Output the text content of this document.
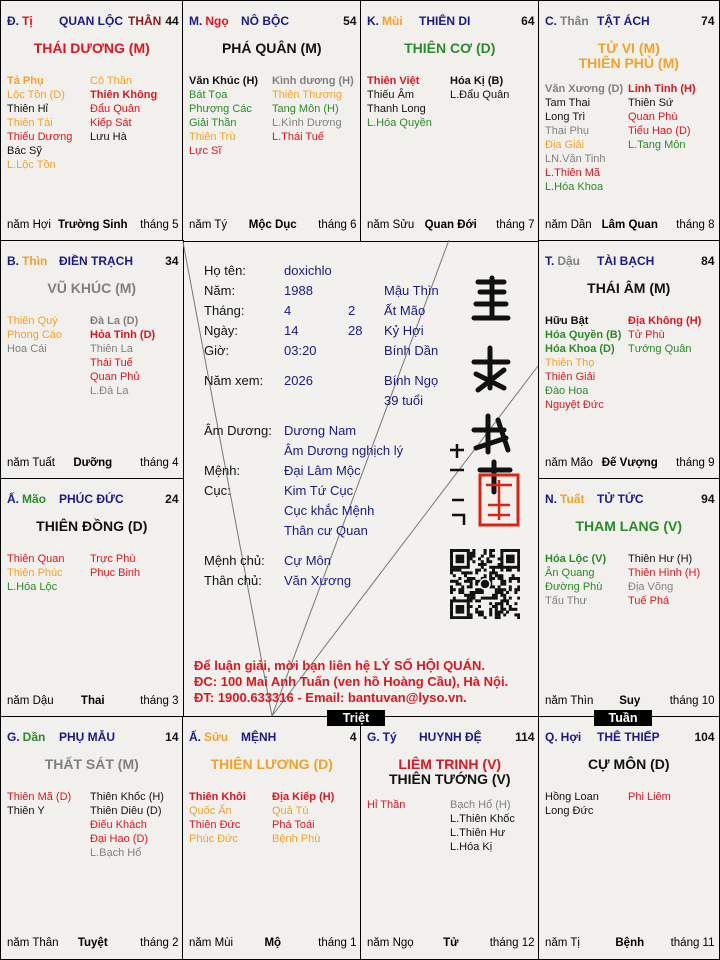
Đ. Tị	QUAN LỘC THÂN 44
THÁI DƯƠNG (M)
Tả Phụ
Lộc Tồn (D)
Thiên Hỉ
Thiên Tài
Thiếu Dương
Bác Sỹ
L.Lộc Tồn
Cô Thần
Thiên Không
Đẩu Quân
Kiếp Sát
Lưu Hà
năm Hợi Trường Sinh	tháng 5
M. Ngọ	NÔ BỘC	54
PHÁ QUÂN (M)
Văn Khúc (H)
Bát Tọa
Phượng Các
Giải Thần
Thiên Trù
Lực Sĩ
Kình dương (H)
Thiên Thương
Tang Môn (H)
L.Kình Dương
L.Thái Tuế
năm Tý	Mộc Dục	tháng 6
K. Mùi	THIÊN DI	64
THIÊN CƠ (D)
Thiên Việt
Thiếu Âm
Thanh Long
L.Hóa Quyền
Hóa Kị (B)
L.Đẩu Quân
năm Sửu Quan Đới	tháng 7
C. Thân TẬT ÁCH	74
TỬ VI (M)
THIÊN PHỦ (M)
Văn Xương (D)
Tam Thai
Long Trì
Thai Phụ
Địa Giải
LN.Văn Tinh
L.Thiên Mã
L.Hóa Khoa
Linh Tinh (H)
Thiên Sứ
Quan Phù
Tiểu Hao (D)
L.Tang Môn
năm Dần Lâm Quan	tháng 8
B. Thìn ĐIỀN TRẠCH	34
VŨ KHÚC (M)
Thiên Quý
Phong Cáo
Hoa Cái
Đà La (D)
Hỏa Tinh (D)
Thiên La
Thái Tuế
Quan Phủ
L.Đà La
năm Tuất	Dưỡng	tháng 4
T. Dậu	TÀI BẠCH	84
THÁI ÂM (M)
Hữu Bật
Hóa Quyền (B)
Hóa Khoa (D)
Thiên Thọ
Thiên Giải
Đào Hoa
Nguyệt Đức
Địa Không (H)
Tử Phù
Tướng Quân
năm Mão Đế Vượng	tháng 9
Ấ. Mão	PHÚC ĐỨC	24
THIÊN ĐỒNG (D)
Thiên Quan
Thiên Phúc
L.Hóa Lộc
Trực Phù
Phục Binh
năm Dậu	Thai	tháng 3
N. Tuất	TỬ TỨC	94
THAM LANG (V)
Hóa Lộc (V)
Ân Quang
Đường Phù
Tấu Thư
Thiên Hư (H)
Thiên Hình (H)
Địa Võng
Tuế Phá
năm Thìn	Suy	tháng 10
G. Dần	PHỤ MẪU	14
THẤT SÁT (M)
Thiên Mã (D)
Thiên Y
Thiên Khốc (H)
Thiên Diêu (D)
Điếu Khách
Đại Hao (D)
L.Bạch Hổ
năm Thân	Tuyệt	tháng 2
Ấ. Sửu	MỆNH	4
THIÊN LƯƠNG (D)
Thiên Khôi
Quốc Ấn
Thiên Đức
Phúc Đức
Địa Kiếp (H)
Quả Tú
Phá Toái
Bệnh Phù
năm Mùi	Mộ	tháng 1
G. Tý	HUYNH ĐỆ	114
LIÊM TRINH (V)
THIÊN TƯỚNG (V)
Hỉ Thần	Bạch Hổ (H)
L.Thiên Khốc
L.Thiên Hư
L.Hóa Kị
năm Ngọ	Tử	tháng 12
Q. Hợi	THÊ THIẾP	104
CỰ MÔN (D)
Hồng Loan
Long Đức
Phi Liêm
năm Tị	Bệnh	tháng 11
Họ tên:	doxichlo
Năm:	1988	Mậu Thìn
Tháng:	4	2 Ất Mão
Ngày:	14	28 Kỷ Hợi
Giờ:	03:20	Bính Dần
Năm xem: 2026	Bính Ngọ
39 tuổi
Âm Dương: Dương Nam
Âm Dương nghịch lý
Mệnh:	Đại Lâm Mộc
Cục:	Kim Tứ Cục
Cục khắc Mệnh
Thân cư Quan
Mệnh chủ: Cự Môn
Thân chủ: Văn Xương
Để luận giải, mời bạn liên hệ LÝ SỐ HỘI QUÁN.
ĐC: 100 Mai Anh Tuấn (ven hồ Hoàng Cầu), Hà Nội.
ĐT: 1900.633316 - Email: bantuvan@lyso.vn.
Triệt	Tuần
